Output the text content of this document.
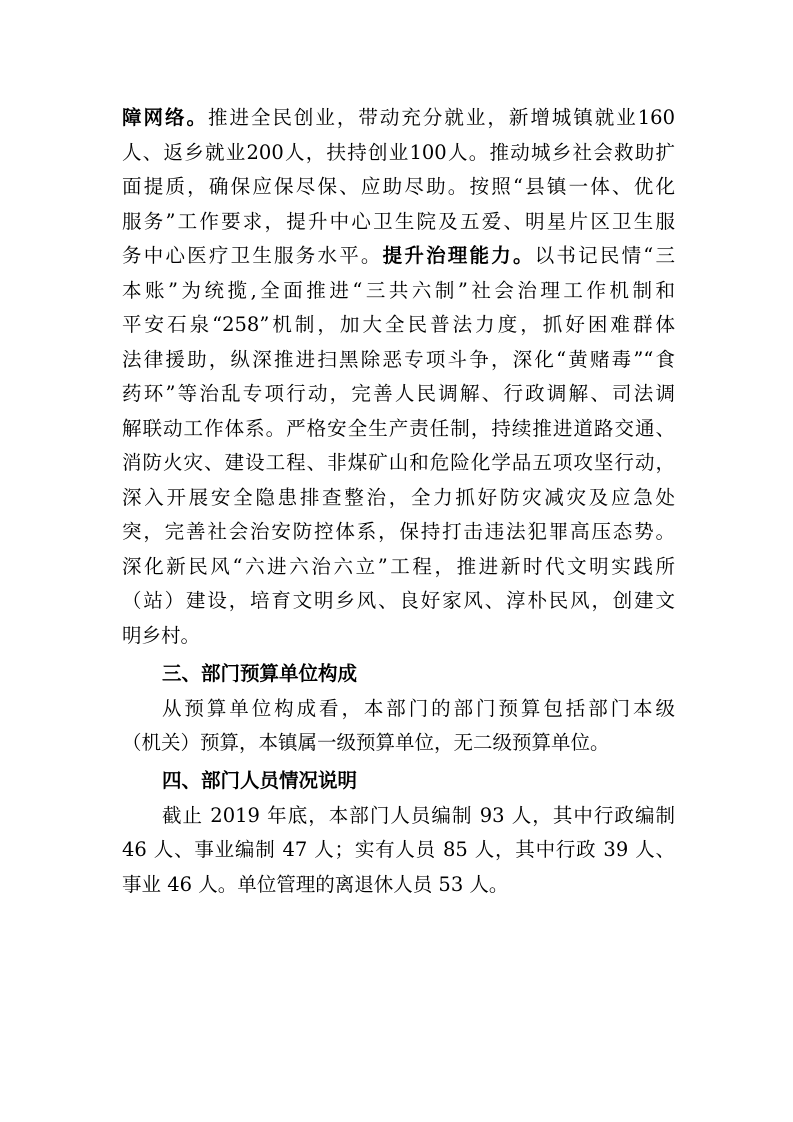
障网络。推进全民创业，带动充分就业，新增城镇就业160
人、返乡就业200人，扶持创业100人。推动城乡社会救助扩
面提质，确保应保尽保、应助尽助。按照“县镇一体、优化
服务”工作要求，提升中心卫生院及五爱、明星片区卫生服
务中心医疗卫生服务水平。提升治理能力。以书记民情“三
本账”为统揽,全面推进“三共六制”社会治理工作机制和
平安石泉“258”机制，加大全民普法力度，抓好困难群体
法律援助，纵深推进扫黑除恶专项斗争，深化“黄赌毒”“食
药环”等治乱专项行动，完善人民调解、行政调解、司法调
解联动工作体系。严格安全生产责任制，持续推进道路交通、
消防火灾、建设工程、非煤矿山和危险化学品五项攻坚行动，
深入开展安全隐患排查整治，全力抓好防灾减灾及应急处
突，完善社会治安防控体系，保持打击违法犯罪高压态势。
深化新民风“六进六治六立”工程，推进新时代文明实践所
（站）建设，培育文明乡风、良好家风、淳朴民风，创建文
明乡村。
三、部门预算单位构成
从预算单位构成看，本部门的部门预算包括部门本级
（机关）预算，本镇属一级预算单位，无二级预算单位。
四、部门人员情况说明
截止 2019 年底，本部门人员编制 93 人，其中行政编制
46 人、事业编制 47 人；实有人员 85 人，其中行政 39 人、
事业 46 人。单位管理的离退休人员 53 人。
